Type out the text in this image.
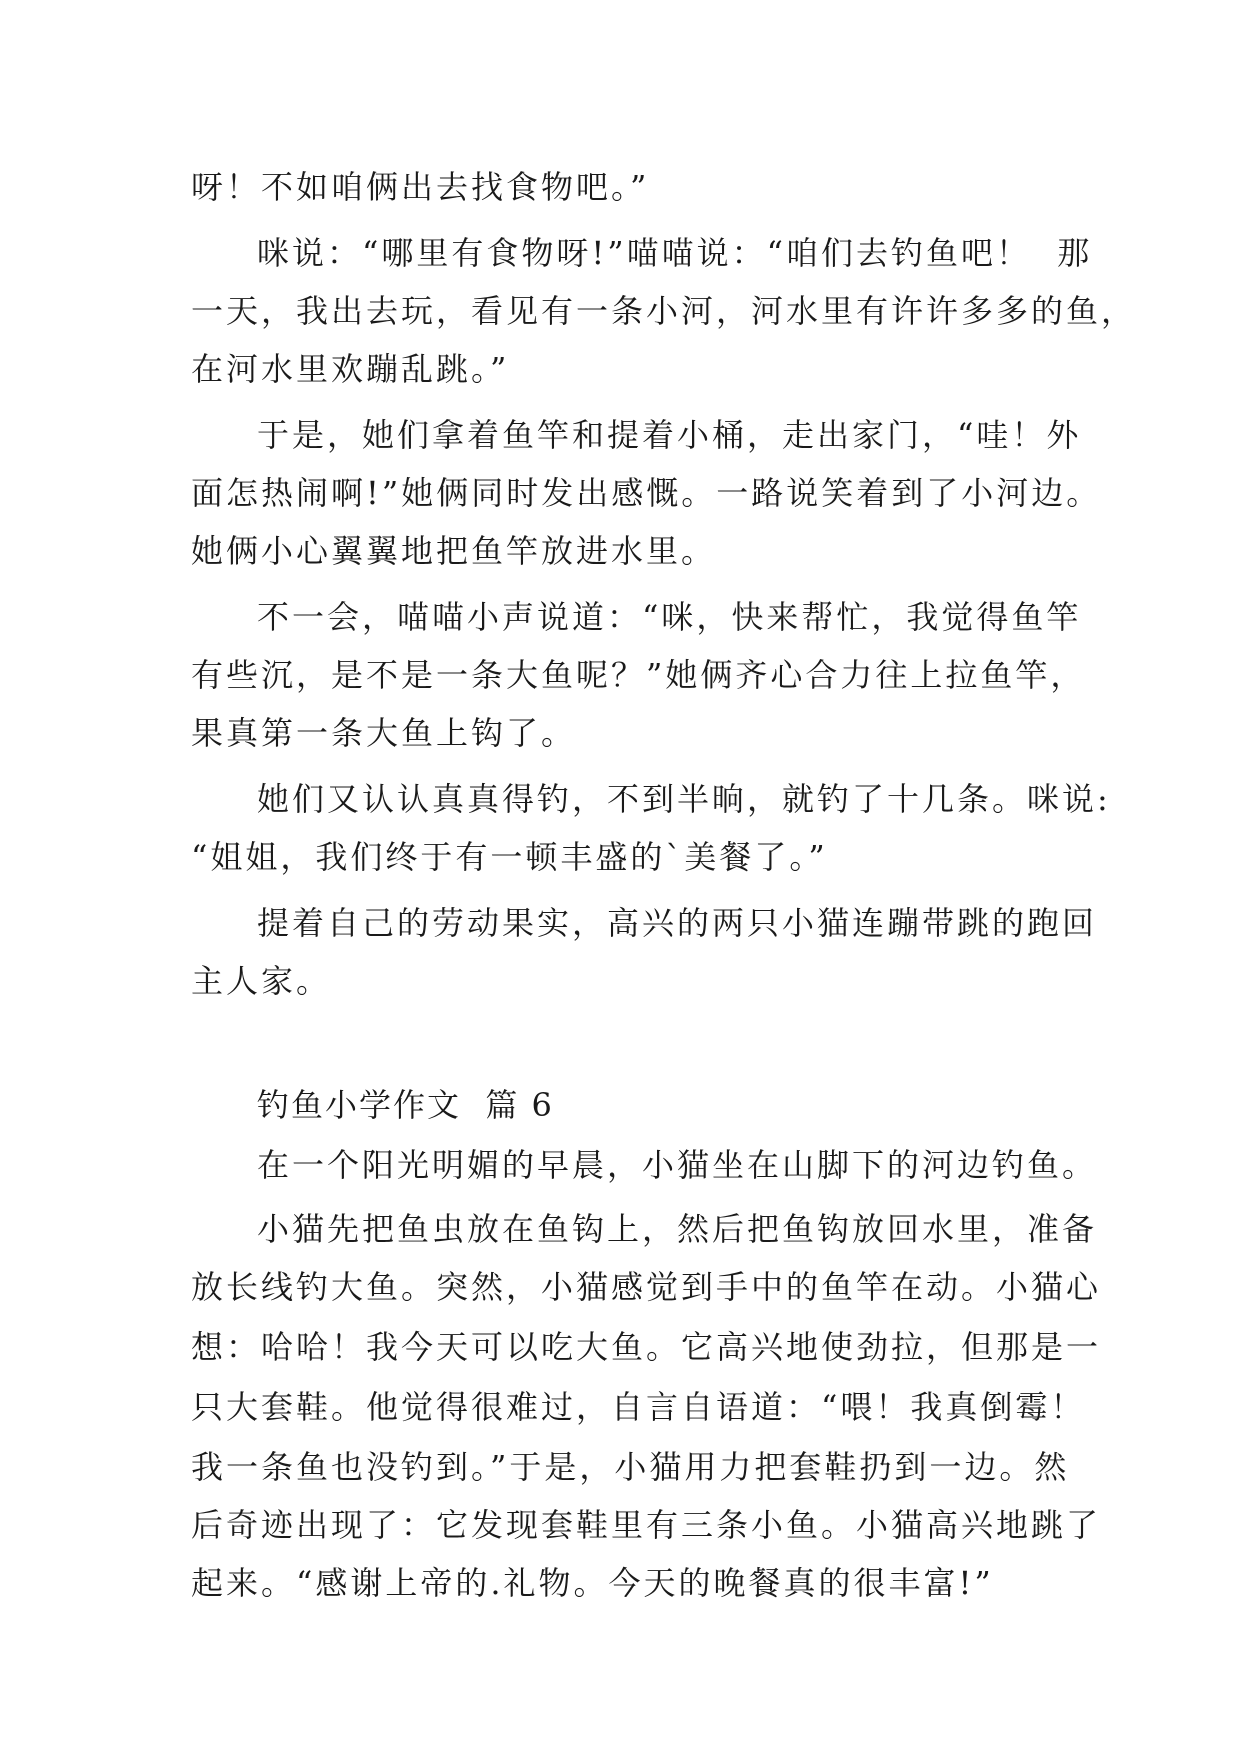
呀！不如咱俩出去找食物吧。”
咪说：“哪里有食物呀!”喵喵说：“咱们去钓鱼吧！  那
一天，我出去玩，看见有一条小河，河水里有许许多多的鱼，
在河水里欢蹦乱跳。”
于是，她们拿着鱼竿和提着小桶，走出家门，“哇！外
面怎热闹啊!”她俩同时发出感慨。一路说笑着到了小河边。
她俩小心翼翼地把鱼竿放进水里。
不一会，喵喵小声说道：“咪，快来帮忙，我觉得鱼竿
有些沉，是不是一条大鱼呢？”她俩齐心合力往上拉鱼竿，
果真第一条大鱼上钩了。
她们又认认真真得钓，不到半晌，就钓了十几条。咪说:
“姐姐，我们终于有一顿丰盛的`美餐了。”
提着自己的劳动果实，高兴的两只小猫连蹦带跳的跑回
主人家。
钓鱼小学作文  篇 6
在一个阳光明媚的早晨，小猫坐在山脚下的河边钓鱼。
小猫先把鱼虫放在鱼钩上，然后把鱼钩放回水里，准备
放长线钓大鱼。突然，小猫感觉到手中的鱼竿在动。小猫心
想：哈哈！我今天可以吃大鱼。它高兴地使劲拉，但那是一
只大套鞋。他觉得很难过，自言自语道：“喂！我真倒霉！
我一条鱼也没钓到。”于是，小猫用力把套鞋扔到一边。然
后奇迹出现了：它发现套鞋里有三条小鱼。小猫高兴地跳了
起来。“感谢上帝的.礼物。今天的晚餐真的很丰富!”
